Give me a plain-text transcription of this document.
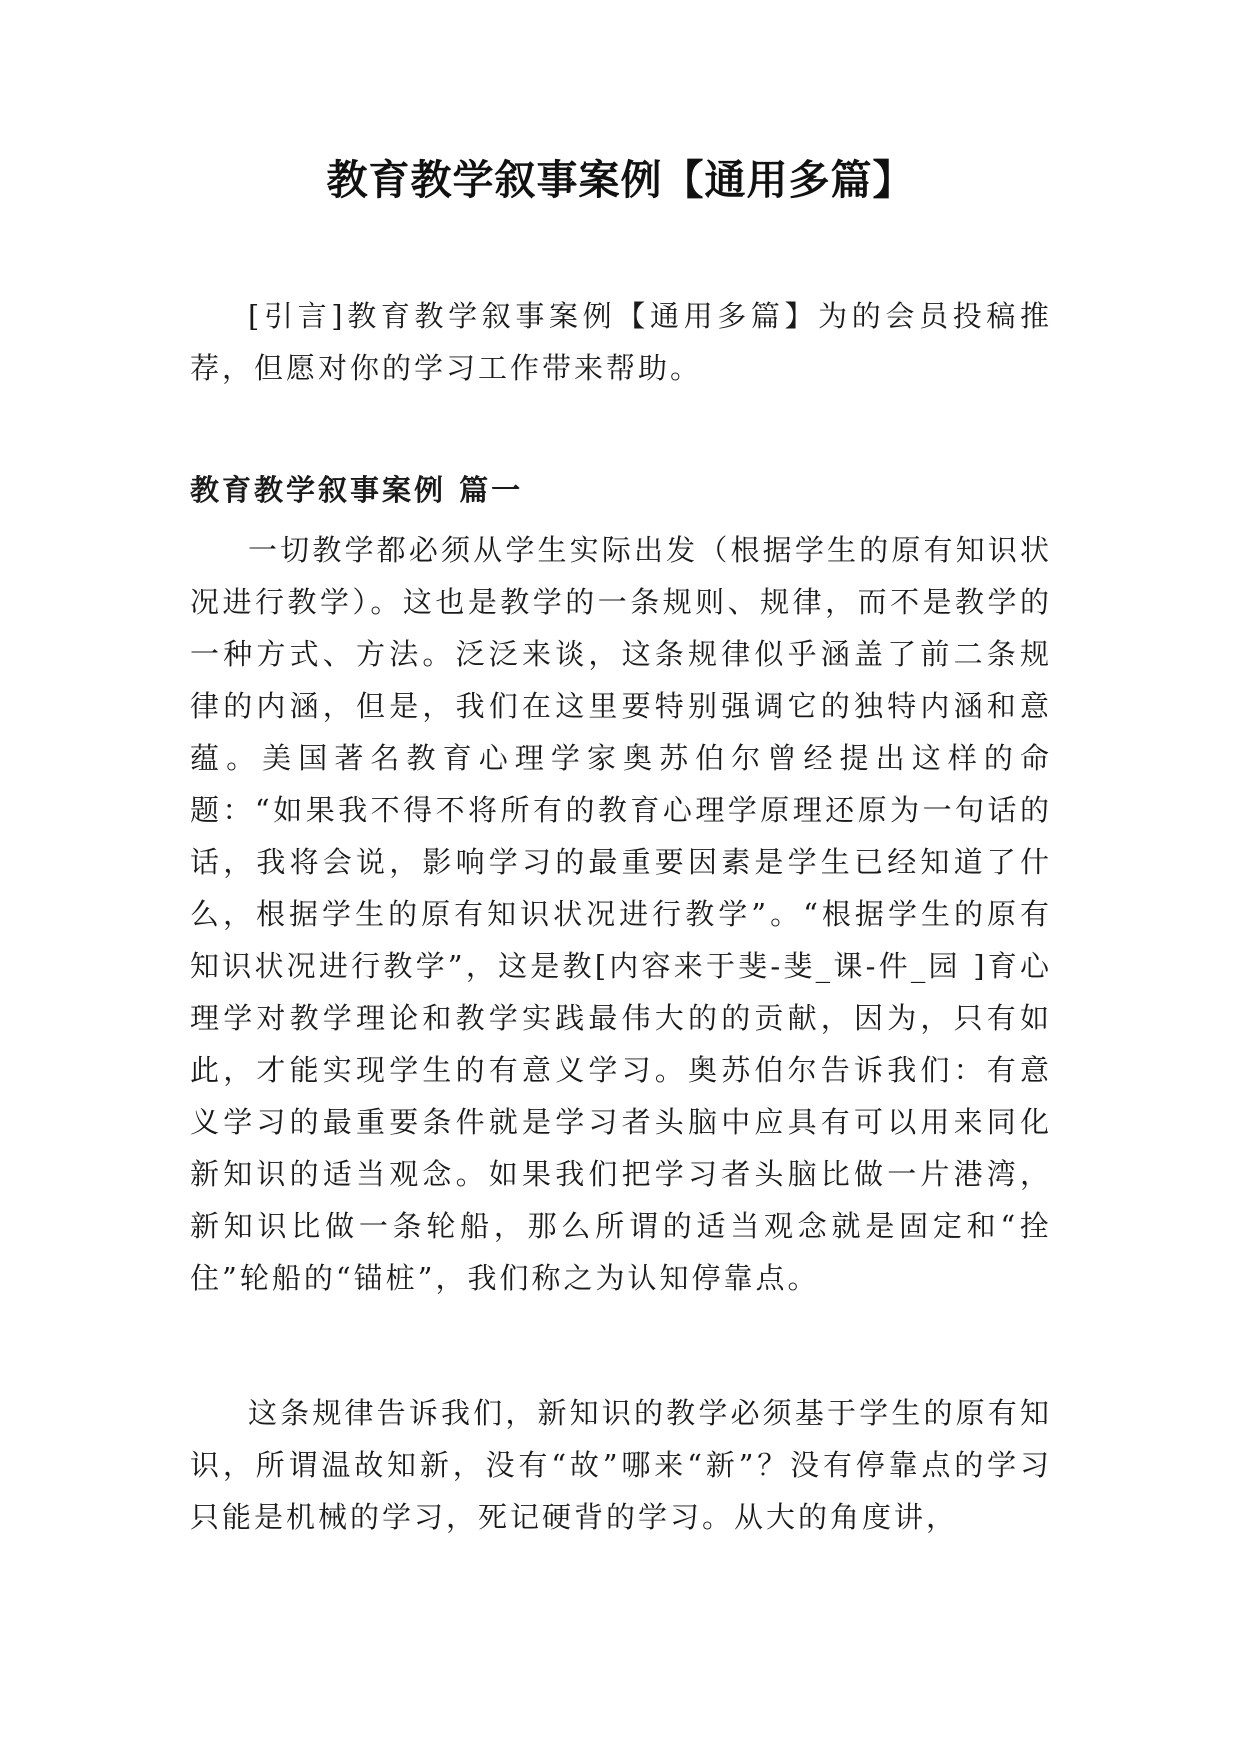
教育教学叙事案例【通用多篇】

[引言]教育教学叙事案例【通用多篇】为的会员投稿推荐，但愿对你的学习工作带来帮助。

教育教学叙事案例 篇一

一切教学都必须从学生实际出发（根据学生的原有知识状况进行教学）。这也是教学的一条规则、规律，而不是教学的一种方式、方法。泛泛来谈，这条规律似乎涵盖了前二条规律的内涵，但是，我们在这里要特别强调它的独特内涵和意蕴。美国著名教育心理学家奥苏伯尔曾经提出这样的命题：“如果我不得不将所有的教育心理学原理还原为一句话的话，我将会说，影响学习的最重要因素是学生已经知道了什么，根据学生的原有知识状况进行教学”。“根据学生的原有知识状况进行教学”，这是教[内容来于斐-斐_课-件_园 ]育心理学对教学理论和教学实践最伟大的的贡献，因为，只有如此，才能实现学生的有意义学习。奥苏伯尔告诉我们：有意义学习的最重要条件就是学习者头脑中应具有可以用来同化新知识的适当观念。如果我们把学习者头脑比做一片港湾，新知识比做一条轮船，那么所谓的适当观念就是固定和“拴住”轮船的“锚桩”，我们称之为认知停靠点。

这条规律告诉我们，新知识的教学必须基于学生的原有知识，所谓温故知新，没有“故”哪来“新”？没有停靠点的学习只能是机械的学习，死记硬背的学习。从大的角度讲，
